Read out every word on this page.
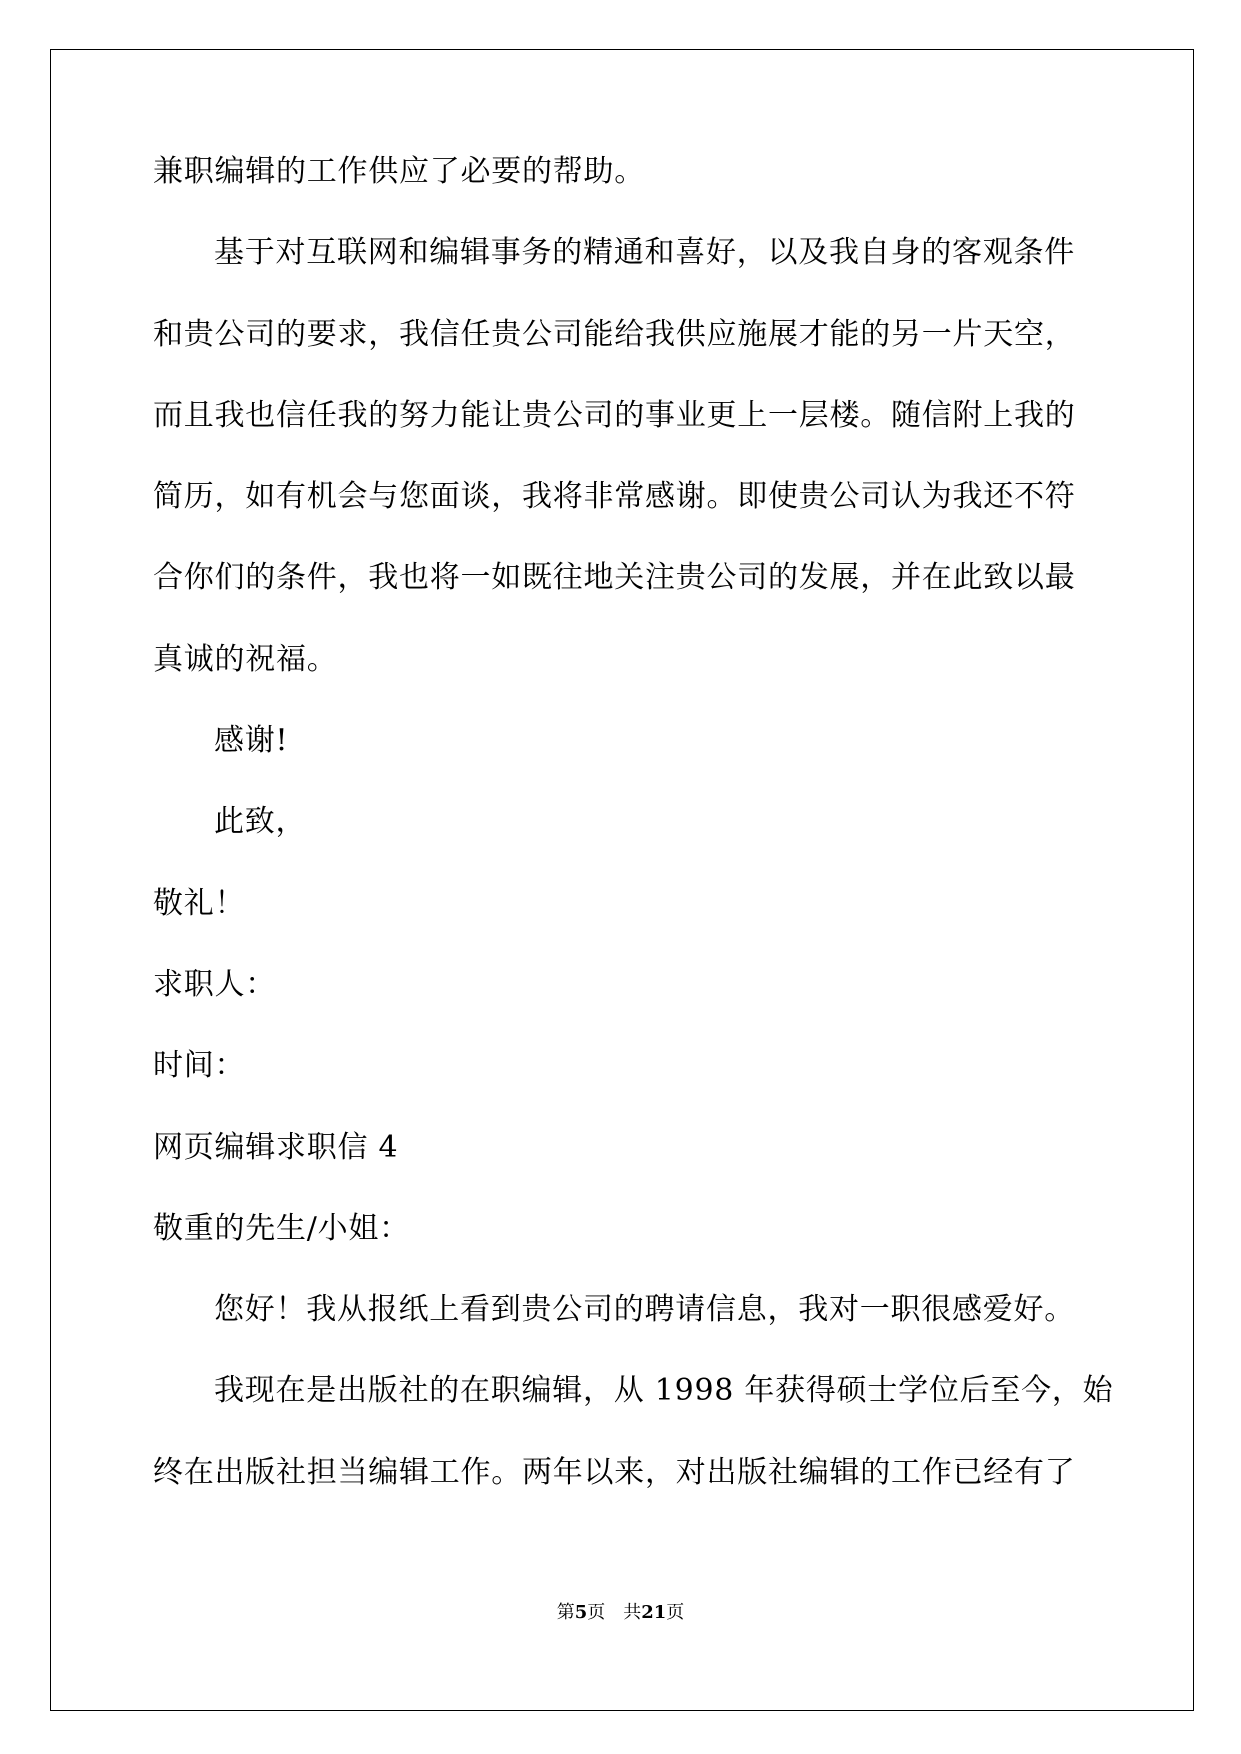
兼职编辑的工作供应了必要的帮助。
基于对互联网和编辑事务的精通和喜好，以及我自身的客观条件
和贵公司的要求，我信任贵公司能给我供应施展才能的另一片天空，
而且我也信任我的努力能让贵公司的事业更上一层楼。随信附上我的
简历，如有机会与您面谈，我将非常感谢。即使贵公司认为我还不符
合你们的条件，我也将一如既往地关注贵公司的发展，并在此致以最
真诚的祝福。
感谢!
此致，
敬礼！
求职人：
时间：
网页编辑求职信 4
敬重的先生/小姐：
您好！我从报纸上看到贵公司的聘请信息，我对一职很感爱好。
我现在是出版社的在职编辑，从 1998 年获得硕士学位后至今，始
终在出版社担当编辑工作。两年以来，对出版社编辑的工作已经有了
第5页 共21页
